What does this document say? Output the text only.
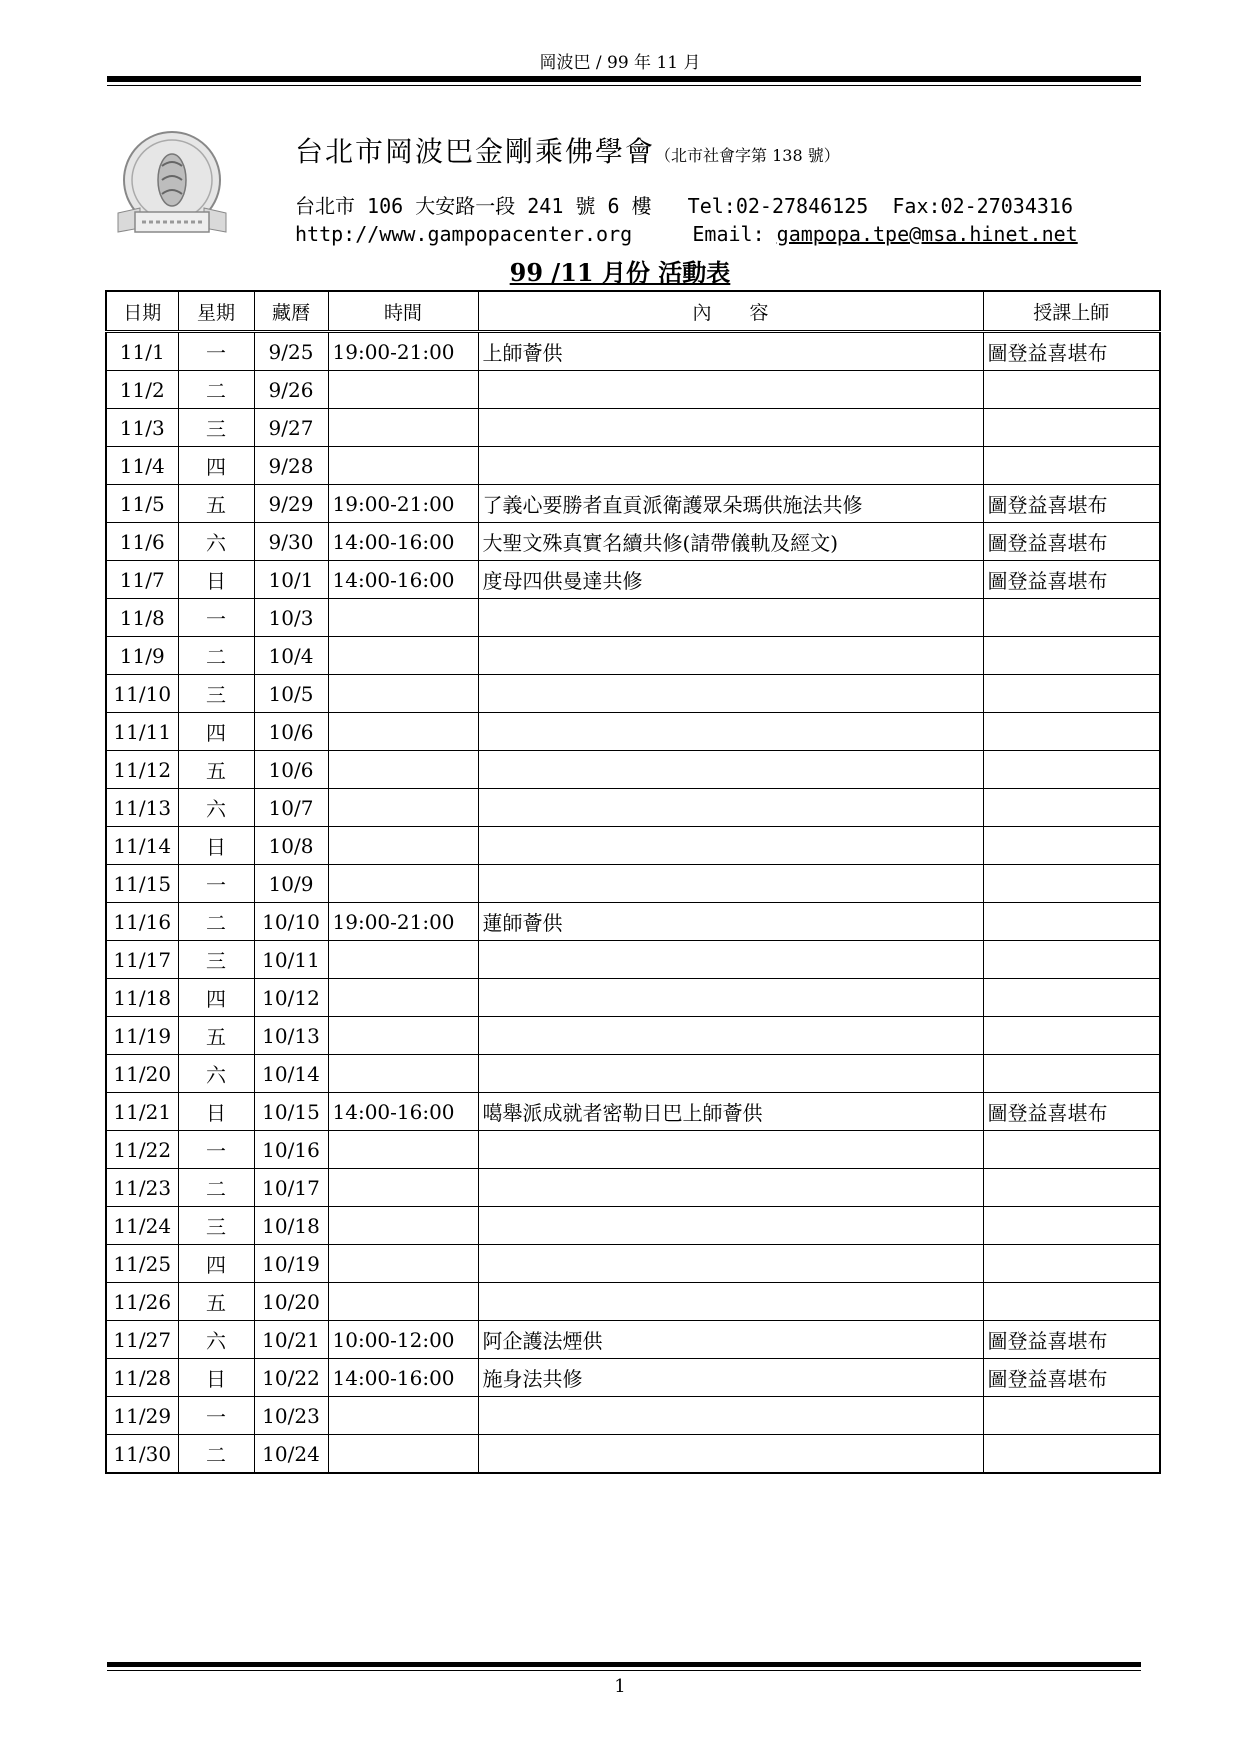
岡波巴 / 99 年 11 月
台北市岡波巴金剛乘佛學會（北市社會字第 138 號）
台北市 106 大安路一段 241 號 6 樓 Tel:02-27846125 Fax:02-27034316
http://www.gampopacenter.org	Email: gampopa.tpe@msa.hinet.net
99 /11 月份 活動表
日期	星期	藏曆	時間	內　　容	授課上師
11/1	一	9/25	19:00-21:00	上師薈供	圖登益喜堪布
11/2	二	9/26			
11/3	三	9/27			
11/4	四	9/28			
11/5	五	9/29	19:00-21:00	了義心要勝者直貢派衛護眾朵瑪供施法共修	圖登益喜堪布
11/6	六	9/30	14:00-16:00	大聖文殊真實名續共修(請帶儀軌及經文)	圖登益喜堪布
11/7	日	10/1	14:00-16:00	度母四供曼達共修	圖登益喜堪布
11/8	一	10/3			
11/9	二	10/4			
11/10	三	10/5			
11/11	四	10/6			
11/12	五	10/6			
11/13	六	10/7			
11/14	日	10/8			
11/15	一	10/9			
11/16	二	10/10	19:00-21:00	蓮師薈供	
11/17	三	10/11			
11/18	四	10/12			
11/19	五	10/13			
11/20	六	10/14			
11/21	日	10/15	14:00-16:00	噶舉派成就者密勒日巴上師薈供	圖登益喜堪布
11/22	一	10/16			
11/23	二	10/17			
11/24	三	10/18			
11/25	四	10/19			
11/26	五	10/20			
11/27	六	10/21	10:00-12:00	阿企護法煙供	圖登益喜堪布
11/28	日	10/22	14:00-16:00	施身法共修	圖登益喜堪布
11/29	一	10/23			
11/30	二	10/24			
1
